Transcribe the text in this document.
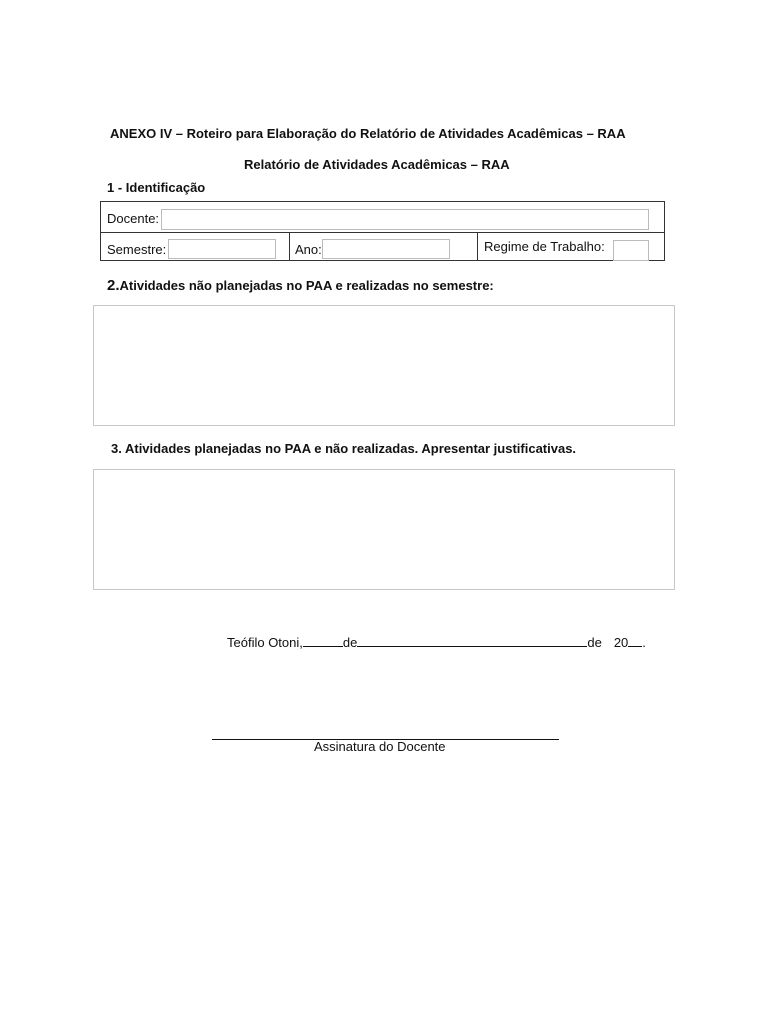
ANEXO IV – Roteiro para Elaboração do Relatório de Atividades Acadêmicas – RAA
Relatório de Atividades Acadêmicas – RAA
1 - Identificação
Docente:
Semestre:	Ano:	Regime de Trabalho:
2.Atividades não planejadas no PAA e realizadas no semestre:
3. Atividades planejadas no PAA e não realizadas. Apresentar justificativas.
Teófilo Otoni,	de	de 20 .
Assinatura do Docente
